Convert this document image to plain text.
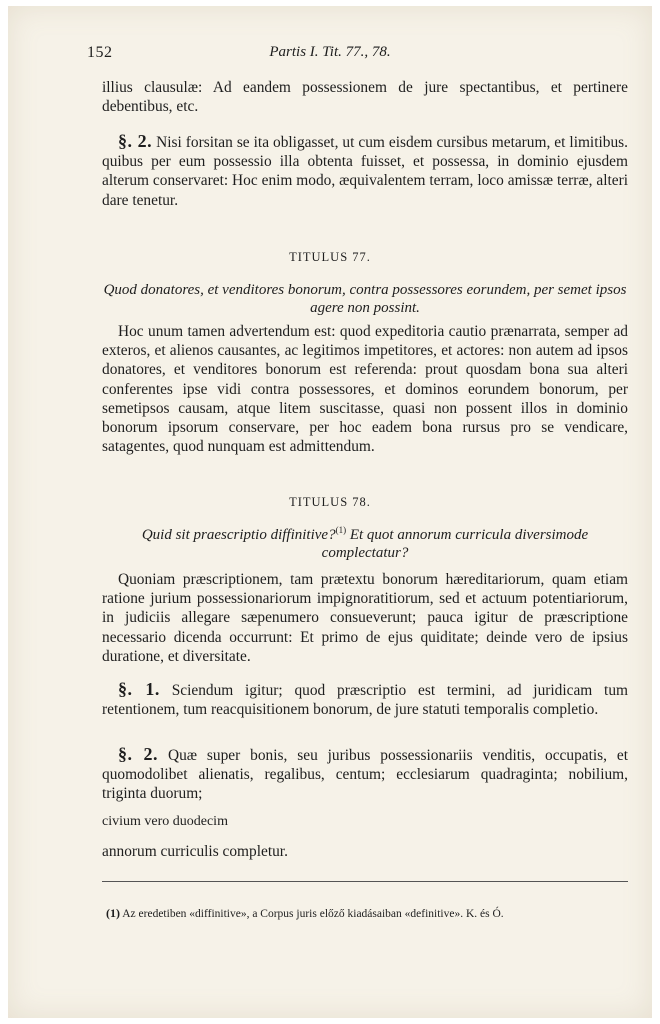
152	Partis I. Tit. 77., 78.

illius clausulæ: Ad eandem possessionem de jure spectantibus, et pertinere debentibus, etc.

§. 2. Nisi forsitan se ita obligasset, ut cum eisdem cursibus metarum, et limitibus. quibus per eum possessio illa obtenta fuisset, et possessa, in dominio ejusdem alterum conservaret: Hoc enim modo, æquivalentem terram, loco amissæ terræ, alteri dare tenetur.

TITULUS 77.
Quod donatores, et venditores bonorum, contra possessores eorundem, per semet ipsos agere non possint.

Hoc unum tamen advertendum est: quod expeditoria cautio prænarrata, semper ad exteros, et alienos causantes, ac legitimos impetitores, et actores: non autem ad ipsos donatores, et venditores bonorum est referenda: prout quosdam bona sua alteri conferentes ipse vidi contra possessores, et dominos eorundem bonorum, per semetipsos causam, atque litem suscitasse, quasi non possent illos in dominio bonorum ipsorum conservare, per hoc eadem bona rursus pro se vendicare, satagentes, quod nunquam est admittendum.

TITULUS 78.
Quid sit praescriptio diffinitive?$^{(1)}$ Et quot annorum curricula diversimode complectatur?

Quoniam præscriptionem, tam prætextu bonorum hæreditariorum, quam etiam ratione jurium possessionariorum impignoratitiorum, sed et actuum potentiariorum, in judiciis allegare sæpenumero consueverunt; pauca igitur de præscriptione necessario dicenda occurrunt: Et primo de ejus quiditate; deinde vero de ipsius duratione, et diversitate.

§. 1. Sciendum igitur; quod præscriptio est termini, ad juridicam tum retentionem, tum reacquisitionem bonorum, de jure statuti temporalis completio.

§. 2. Quæ super bonis, seu juribus possessionariis venditis, occupatis, et quomodolibet alienatis, regalibus, centum; ecclesiarum quadraginta; nobilium, triginta duorum;

civium vero duodecim
annorum curriculis completur.
(1) Az eredetiben «diffinitive», a Corpus juris előző kiadásaiban «definitive». K. és Ó.
